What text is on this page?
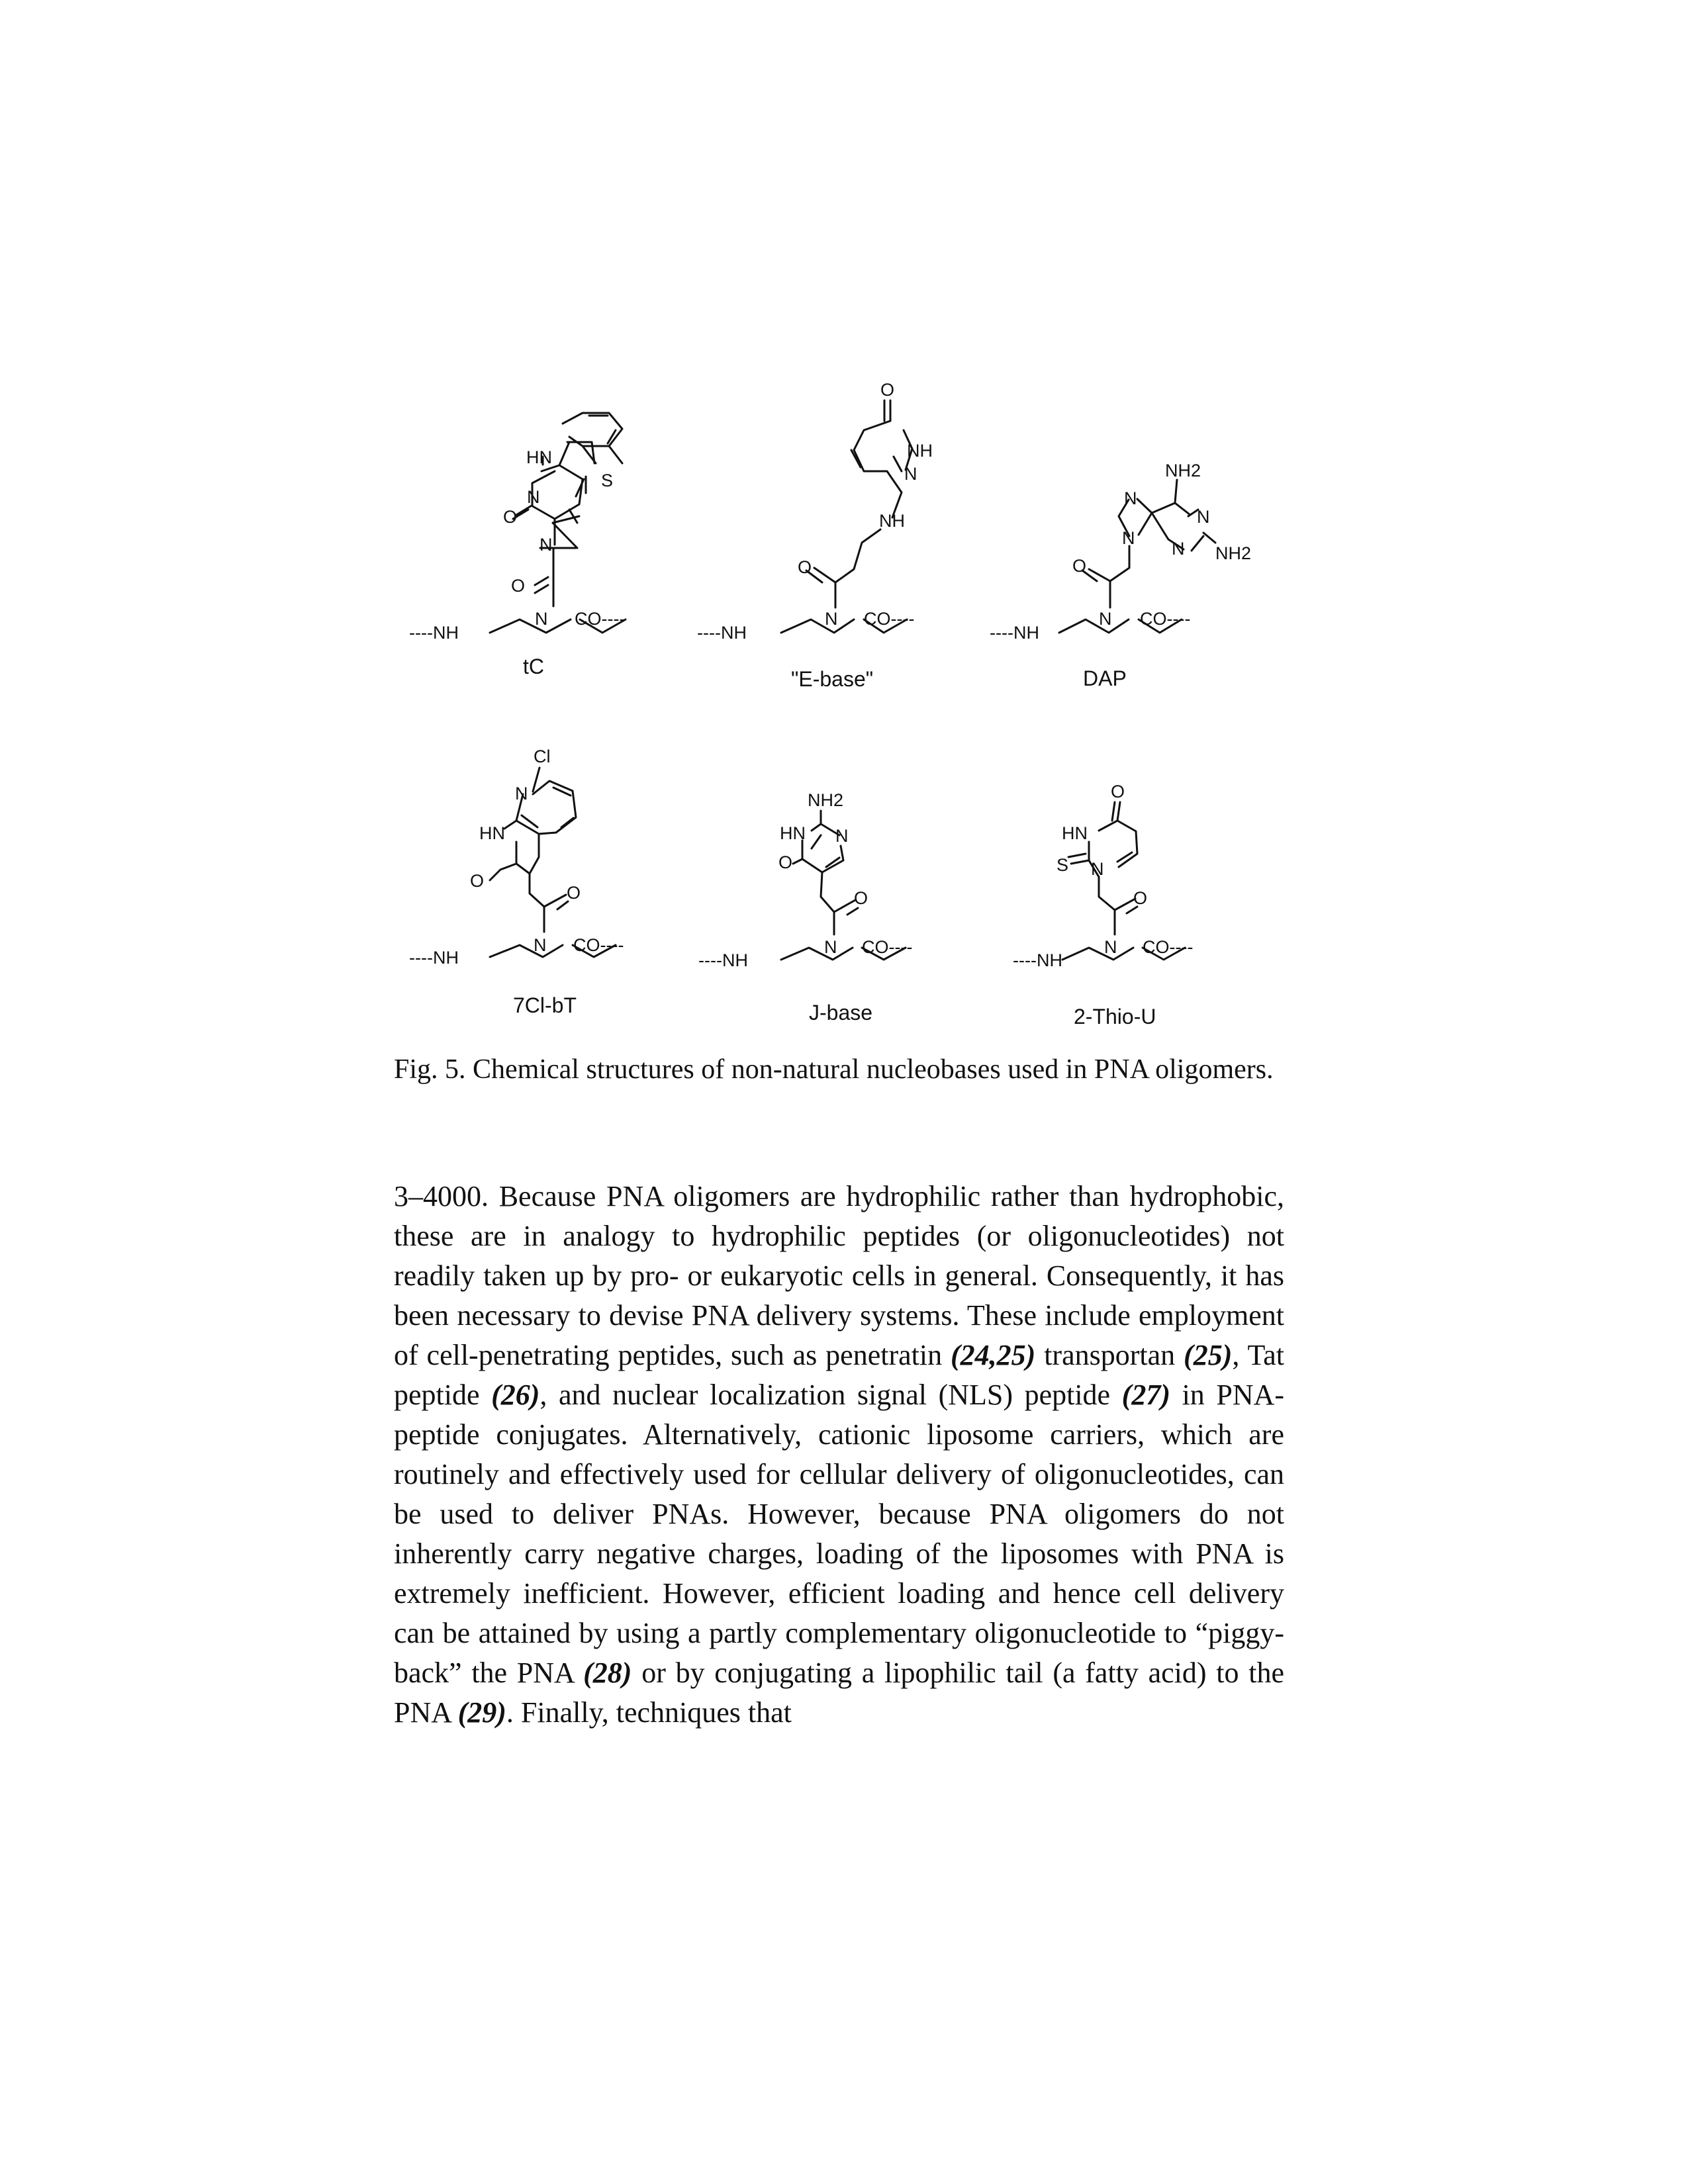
----NH
N CO----
O
N
O
N
HN
S
tC
----NH
N CO----
O
NH
N
NH
O
"E-base"
----NH
N CO----
O
N
N
N
N
NH2
NH2
DAP
----NH
N CO----
O
O
HN
N
Cl
7Cl-bT
----NH
N CO----
O
O
HN N
NH2
J-base
----NH
N CO----
O
N
S
HN
O
2-Thio-U

Fig. 5. Chemical structures of non-natural nucleobases used in PNA oligomers.

3–4000. Because PNA oligomers are hydrophilic rather than hydrophobic, these are in analogy to hydrophilic peptides (or oligonucleotides) not readily taken up by pro- or eukaryotic cells in general. Consequently, it has been necessary to devise PNA delivery systems. These include employment of cell-penetrating peptides, such as penetratin (24,25) transportan (25), Tat peptide (26), and nuclear localization signal (NLS) peptide (27) in PNA-peptide conjugates. Alternatively, cationic liposome carriers, which are routinely and effectively used for cellular delivery of oligonucleotides, can be used to deliver PNAs. However, because PNA oligomers do not inherently carry negative charges, loading of the liposomes with PNA is extremely inefficient. However, efficient loading and hence cell delivery can be attained by using a partly complementary oligonucleotide to “piggy-back” the PNA (28) or by conjugating a lipophilic tail (a fatty acid) to the PNA (29). Finally, techniques that
